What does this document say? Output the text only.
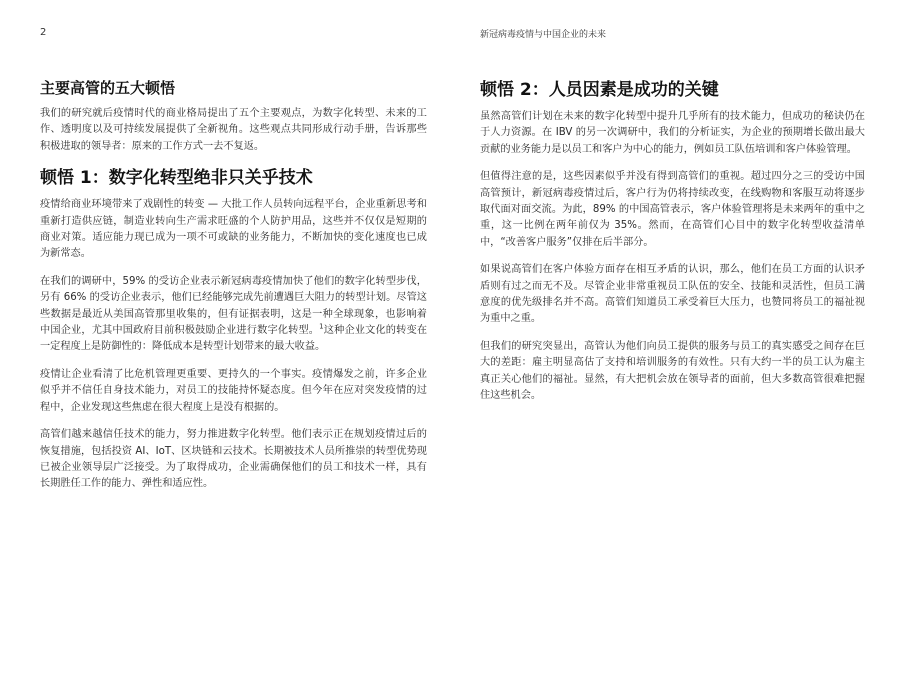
2	新冠病毒疫情与中国企业的未来
主要高管的五大顿悟

我们的研究就后疫情时代的商业格局提出了五个主要观点，为数字化转型、未来的工作、透明度以及可持续发展提供了全新视角。这些观点共同形成行动手册，告诉那些积极进取的领导者：原来的工作方式一去不复返。

顿悟 1：数字化转型绝非只关乎技术

疫情给商业环境带来了戏剧性的转变 — 大批工作人员转向远程平台，企业重新思考和重新打造供应链，制造业转向生产需求旺盛的个人防护用品，这些并不仅仅是短期的商业对策。适应能力现已成为一项不可或缺的业务能力，不断加快的变化速度也已成为新常态。

在我们的调研中，59% 的受访企业表示新冠病毒疫情加快了他们的数字化转型步伐，另有 66% 的受访企业表示，他们已经能够完成先前遭遇巨大阻力的转型计划。尽管这些数据是最近从美国高管那里收集的，但有证据表明，这是一种全球现象，也影响着中国企业，尤其中国政府目前积极鼓励企业进行数字化转型。$^1$这种企业文化的转变在一定程度上是防御性的：降低成本是转型计划带来的最大收益。

疫情让企业看清了比危机管理更重要、更持久的一个事实。疫情爆发之前，许多企业似乎并不信任自身技术能力，对员工的技能持怀疑态度。但今年在应对突发疫情的过程中，企业发现这些焦虑在很大程度上是没有根据的。

高管们越来越信任技术的能力，努力推进数字化转型。他们表示正在规划疫情过后的恢复措施，包括投资 AI、IoT、区块链和云技术。长期被技术人员所推崇的转型优势现已被企业领导层广泛接受。为了取得成功，企业需确保他们的员工和技术一样，具有长期胜任工作的能力、弹性和适应性。

顿悟 2：人员因素是成功的关键

虽然高管们计划在未来的数字化转型中提升几乎所有的技术能力，但成功的秘诀仍在于人力资源。在 IBV 的另一次调研中，我们的分析证实，为企业的预期增长做出最大贡献的业务能力是以员工和客户为中心的能力，例如员工队伍培训和客户体验管理。

但值得注意的是，这些因素似乎并没有得到高管们的重视。超过四分之三的受访中国高管预计，新冠病毒疫情过后，客户行为仍将持续改变，在线购物和客服互动将逐步取代面对面交流。为此，89% 的中国高管表示，客户体验管理将是未来两年的重中之重，这一比例在两年前仅为 35%。然而，在高管们心目中的数字化转型收益清单中，“改善客户服务”仅排在后半部分。

如果说高管们在客户体验方面存在相互矛盾的认识，那么，他们在员工方面的认识矛盾则有过之而无不及。尽管企业非常重视员工队伍的安全、技能和灵活性，但员工满意度的优先级排名并不高。高管们知道员工承受着巨大压力，也赞同将员工的福祉视为重中之重。

但我们的研究突显出，高管认为他们向员工提供的服务与员工的真实感受之间存在巨大的差距：雇主明显高估了支持和培训服务的有效性。只有大约一半的员工认为雇主真正关心他们的福祉。显然，有大把机会放在领导者的面前，但大多数高管很难把握住这些机会。
